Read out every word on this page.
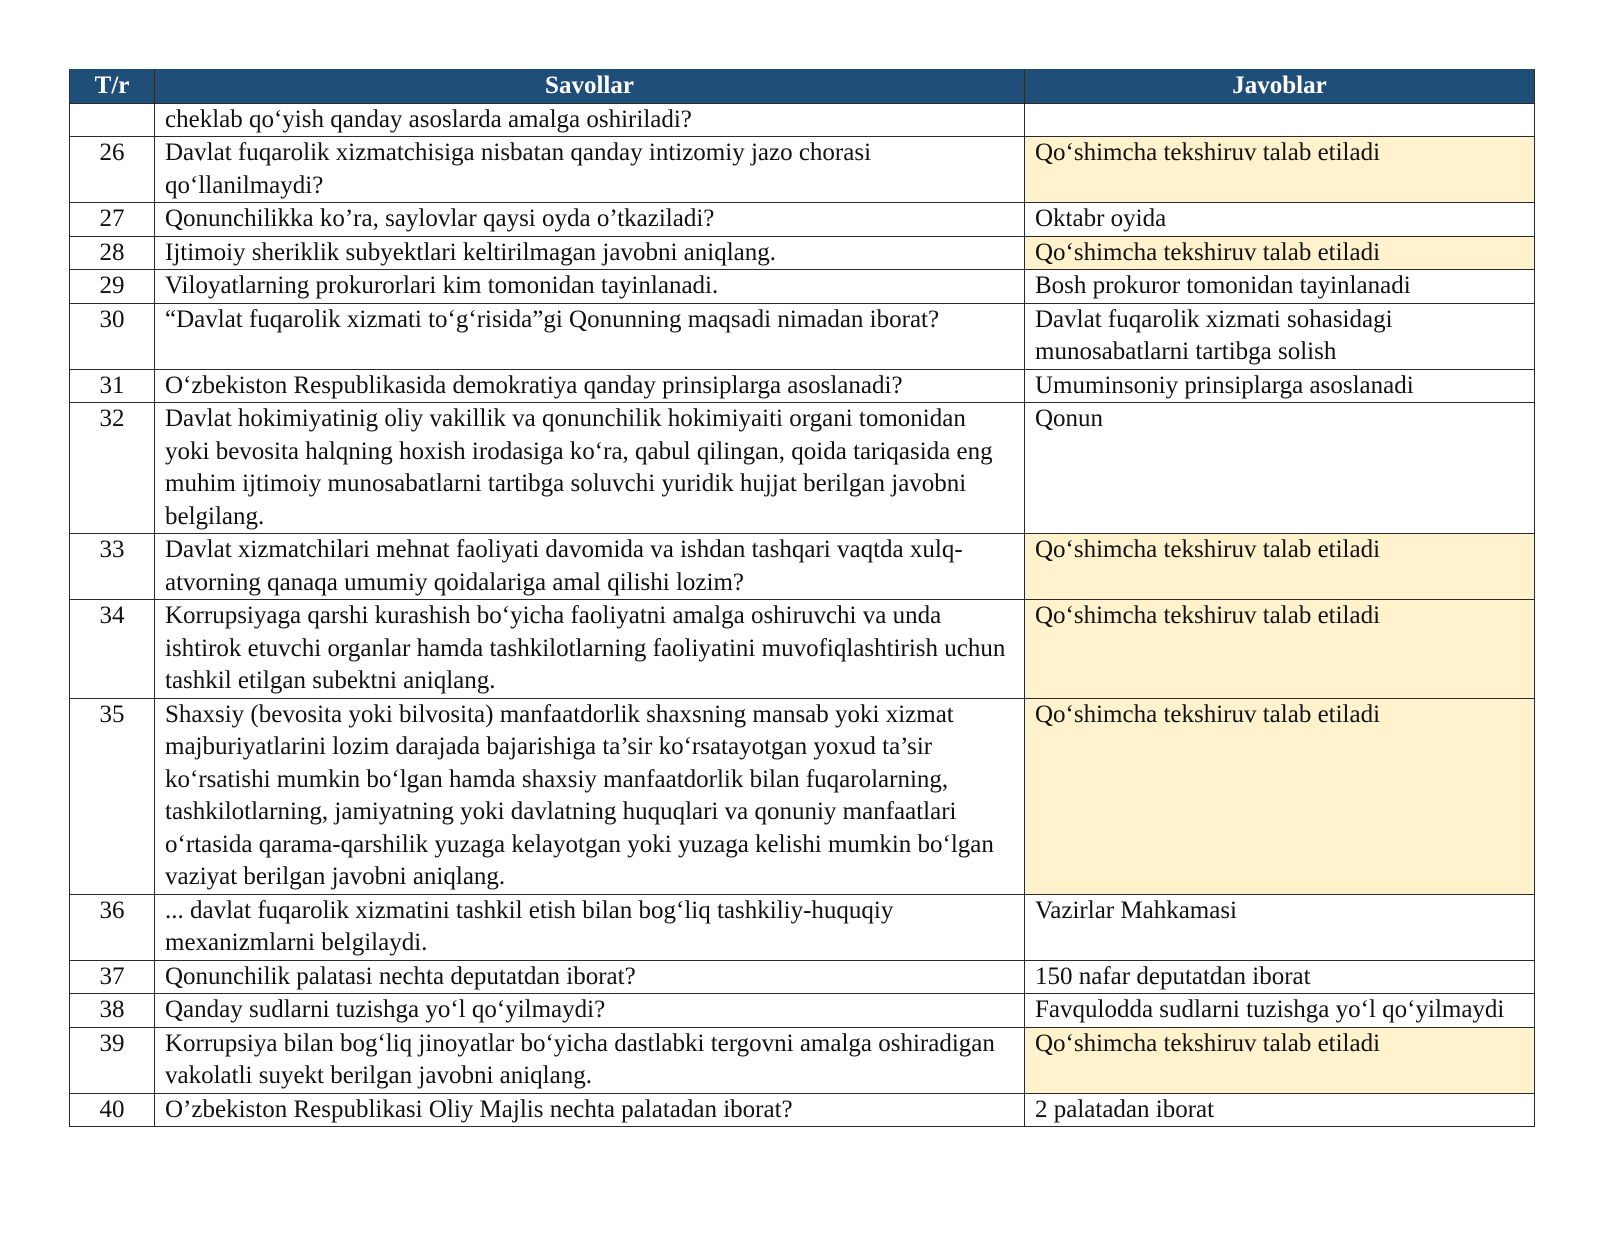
T/r	Savollar	Javoblar
	cheklab qo‘yish qanday asoslarda amalga oshiriladi?	
26	Davlat fuqarolik xizmatchisiga nisbatan qanday intizomiy jazo chorasi qo‘llanilmaydi?	Qo‘shimcha tekshiruv talab etiladi
27	Qonunchilikka ko’ra, saylovlar qaysi oyda o’tkaziladi?	Oktabr oyida
28	Ijtimoiy sheriklik subyektlari keltirilmagan javobni aniqlang.	Qo‘shimcha tekshiruv talab etiladi
29	Viloyatlarning prokurorlari kim tomonidan tayinlanadi.	Bosh prokuror tomonidan tayinlanadi
30	“Davlat fuqarolik xizmati to‘g‘risida”gi Qonunning maqsadi nimadan iborat?	Davlat fuqarolik xizmati sohasidagi munosabatlarni tartibga solish
31	O‘zbekiston Respublikasida demokratiya qanday prinsiplarga asoslanadi?	Umuminsoniy prinsiplarga asoslanadi
32	Davlat hokimiyatinig oliy vakillik va qonunchilik hokimiyaiti organi tomonidan yoki bevosita halqning hoxish irodasiga ko‘ra, qabul qilingan, qoida tariqasida eng muhim ijtimoiy munosabatlarni tartibga soluvchi yuridik hujjat berilgan javobni belgilang.	Qonun
33	Davlat xizmatchilari mehnat faoliyati davomida va ishdan tashqari vaqtda xulq-atvorning qanaqa umumiy qoidalariga amal qilishi lozim?	Qo‘shimcha tekshiruv talab etiladi
34	Korrupsiyaga qarshi kurashish bo‘yicha faoliyatni amalga oshiruvchi va unda ishtirok etuvchi organlar hamda tashkilotlarning faoliyatini muvofiqlashtirish uchun tashkil etilgan subektni aniqlang.	Qo‘shimcha tekshiruv talab etiladi
35	Shaxsiy (bevosita yoki bilvosita) manfaatdorlik shaxsning mansab yoki xizmat majburiyatlarini lozim darajada bajarishiga ta’sir ko‘rsatayotgan yoxud ta’sir ko‘rsatishi mumkin bo‘lgan hamda shaxsiy manfaatdorlik bilan fuqarolarning, tashkilotlarning, jamiyatning yoki davlatning huquqlari va qonuniy manfaatlari o‘rtasida qarama-qarshilik yuzaga kelayotgan yoki yuzaga kelishi mumkin bo‘lgan vaziyat berilgan javobni aniqlang.	Qo‘shimcha tekshiruv talab etiladi
36	... davlat fuqarolik xizmatini tashkil etish bilan bog‘liq tashkiliy-huquqiy mexanizmlarni belgilaydi.	Vazirlar Mahkamasi
37	Qonunchilik palatasi nechta deputatdan iborat?	150 nafar deputatdan iborat
38	Qanday sudlarni tuzishga yo‘l qo‘yilmaydi?	Favqulodda sudlarni tuzishga yo‘l qo‘yilmaydi
39	Korrupsiya bilan bog‘liq jinoyatlar bo‘yicha dastlabki tergovni amalga oshiradigan vakolatli suyekt berilgan javobni aniqlang.	Qo‘shimcha tekshiruv talab etiladi
40	O’zbekiston Respublikasi Oliy Majlis nechta palatadan iborat?	2 palatadan iborat
